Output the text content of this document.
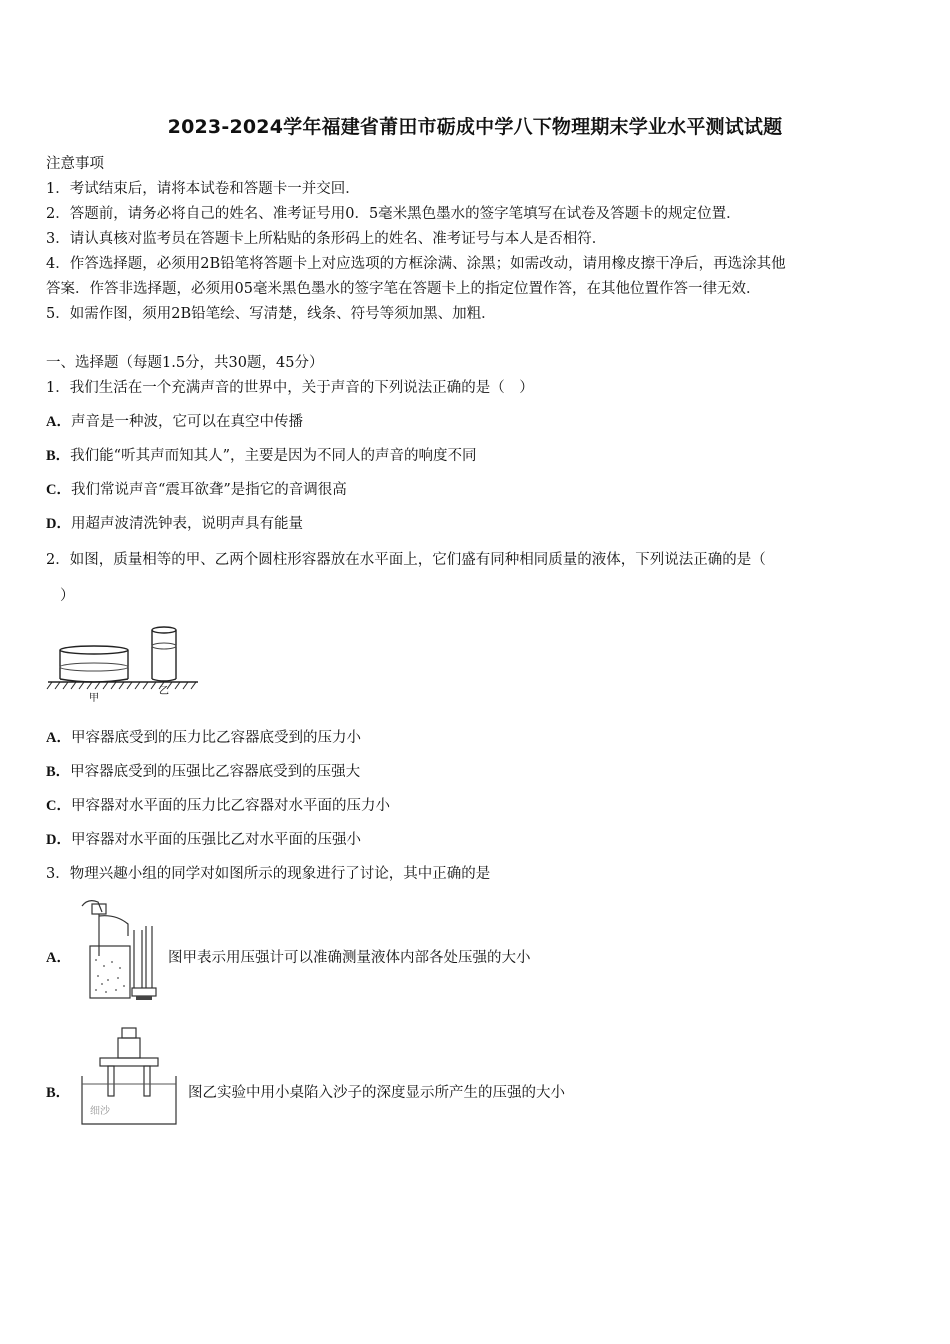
2023-2024学年福建省莆田市砺成中学八下物理期末学业水平测试试题
注意事项
1．考试结束后，请将本试卷和答题卡一并交回．
2．答题前，请务必将自己的姓名、准考证号用0．5毫米黑色墨水的签字笔填写在试卷及答题卡的规定位置．
3．请认真核对监考员在答题卡上所粘贴的条形码上的姓名、准考证号与本人是否相符．
4．作答选择题，必须用2B铅笔将答题卡上对应选项的方框涂满、涂黑；如需改动，请用橡皮擦干净后，再选涂其他
答案．作答非选择题，必须用05毫米黑色墨水的签字笔在答题卡上的指定位置作答，在其他位置作答一律无效．
5．如需作图，须用2B铅笔绘、写清楚，线条、符号等须加黑、加粗．
一、选择题（每题1.5分，共30题，45分）
1．我们生活在一个充满声音的世界中，关于声音的下列说法正确的是（　）
A．声音是一种波，它可以在真空中传播
B．我们能“听其声而知其人”，主要是因为不同人的声音的响度不同
C．我们常说声音“震耳欲聋”是指它的音调很高
D．用超声波清洗钟表，说明声具有能量
2．如图，质量相等的甲、乙两个圆柱形容器放在水平面上，它们盛有同种相同质量的液体，下列说法正确的是（
）
甲
乙
A．甲容器底受到的压力比乙容器底受到的压力小
B．甲容器底受到的压强比乙容器底受到的压强大
C．甲容器对水平面的压力比乙容器对水平面的压力小
D．甲容器对水平面的压强比乙对水平面的压强小
3．物理兴趣小组的同学对如图所示的现象进行了讨论，其中正确的是
A．	图甲表示用压强计可以准确测量液体内部各处压强的大小
B．
细沙
图乙实验中用小桌陷入沙子的深度显示所产生的压强的大小
